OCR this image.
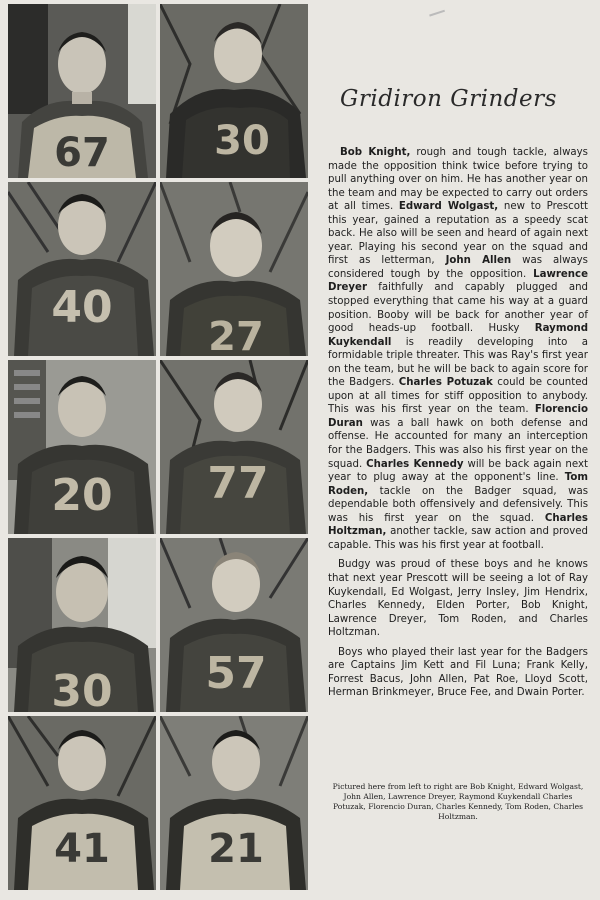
67	30
40
27
20 77
30 57
41 21
Gridiron Grinders

Bob Knight, rough and tough tackle, always made the opposition think twice before trying to pull anything over on him. He has another year on the team and may be expected to carry out orders at all times. Edward Wolgast, new to Prescott this year, gained a reputation as a speedy scat back. He also will be seen and heard of again next year. Playing his second year on the squad and first as letterman, John Allen was always considered tough by the opposition. Lawrence Dreyer faithfully and capably plugged and stopped everything that came his way at a guard position. Booby will be back for another year of good heads-up football. Husky Raymond Kuykendall is readily developing into a formidable triple threater. This was Ray's first year on the team, but he will be back to again score for the Badgers. Charles Potuzak could be counted upon at all times for stiff opposition to anybody. This was his first year on the team. Florencio Duran was a ball hawk on both defense and offense. He accounted for many an interception for the Badgers. This was also his first year on the squad. Charles Kennedy will be back again next year to plug away at the opponent's line. Tom Roden, tackle on the Badger squad, was dependable both offensively and defensively. This was his first year on the squad. Charles Holtzman, another tackle, saw action and proved capable. This was his first year at football.

Budgy was proud of these boys and he knows that next year Prescott will be seeing a lot of Ray Kuykendall, Ed Wolgast, Jerry Insley, Jim Hendrix, Charles Kennedy, Elden Porter, Bob Knight, Lawrence Dreyer, Tom Roden, and Charles Holtzman.

Boys who played their last year for the Badgers are Captains Jim Kett and Fil Luna; Frank Kelly, Forrest Bacus, John Allen, Pat Roe, Lloyd Scott, Herman Brinkmeyer, Bruce Fee, and Dwain Porter.

Pictured here from left to right are Bob Knight, Edward Wolgast, John Allen, Lawrence Dreyer, Raymond Kuykendall Charles Potuzak, Florencio Duran, Charles Kennedy, Tom Roden, Charles Holtzman.
